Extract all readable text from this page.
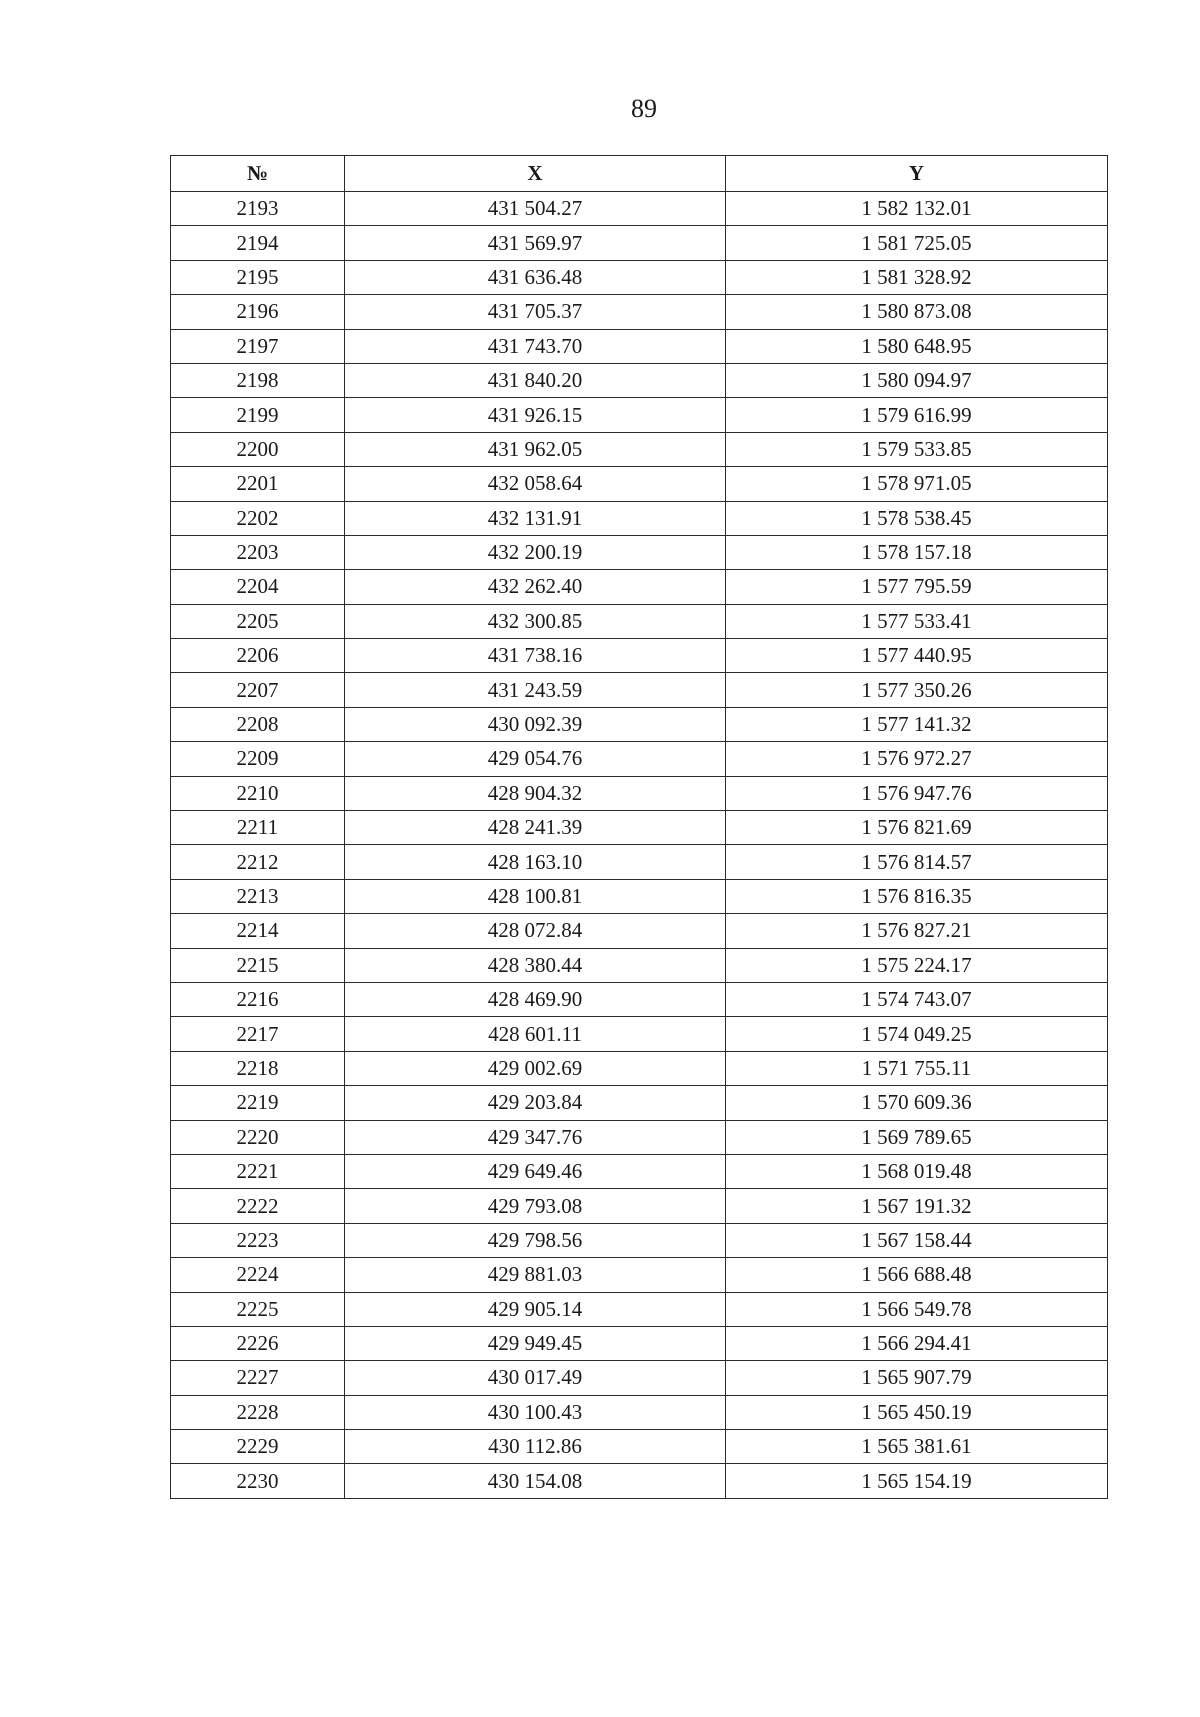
89
№	X	Y
2193	431 504.27	1 582 132.01
2194	431 569.97	1 581 725.05
2195	431 636.48	1 581 328.92
2196	431 705.37	1 580 873.08
2197	431 743.70	1 580 648.95
2198	431 840.20	1 580 094.97
2199	431 926.15	1 579 616.99
2200	431 962.05	1 579 533.85
2201	432 058.64	1 578 971.05
2202	432 131.91	1 578 538.45
2203	432 200.19	1 578 157.18
2204	432 262.40	1 577 795.59
2205	432 300.85	1 577 533.41
2206	431 738.16	1 577 440.95
2207	431 243.59	1 577 350.26
2208	430 092.39	1 577 141.32
2209	429 054.76	1 576 972.27
2210	428 904.32	1 576 947.76
2211	428 241.39	1 576 821.69
2212	428 163.10	1 576 814.57
2213	428 100.81	1 576 816.35
2214	428 072.84	1 576 827.21
2215	428 380.44	1 575 224.17
2216	428 469.90	1 574 743.07
2217	428 601.11	1 574 049.25
2218	429 002.69	1 571 755.11
2219	429 203.84	1 570 609.36
2220	429 347.76	1 569 789.65
2221	429 649.46	1 568 019.48
2222	429 793.08	1 567 191.32
2223	429 798.56	1 567 158.44
2224	429 881.03	1 566 688.48
2225	429 905.14	1 566 549.78
2226	429 949.45	1 566 294.41
2227	430 017.49	1 565 907.79
2228	430 100.43	1 565 450.19
2229	430 112.86	1 565 381.61
2230	430 154.08	1 565 154.19
